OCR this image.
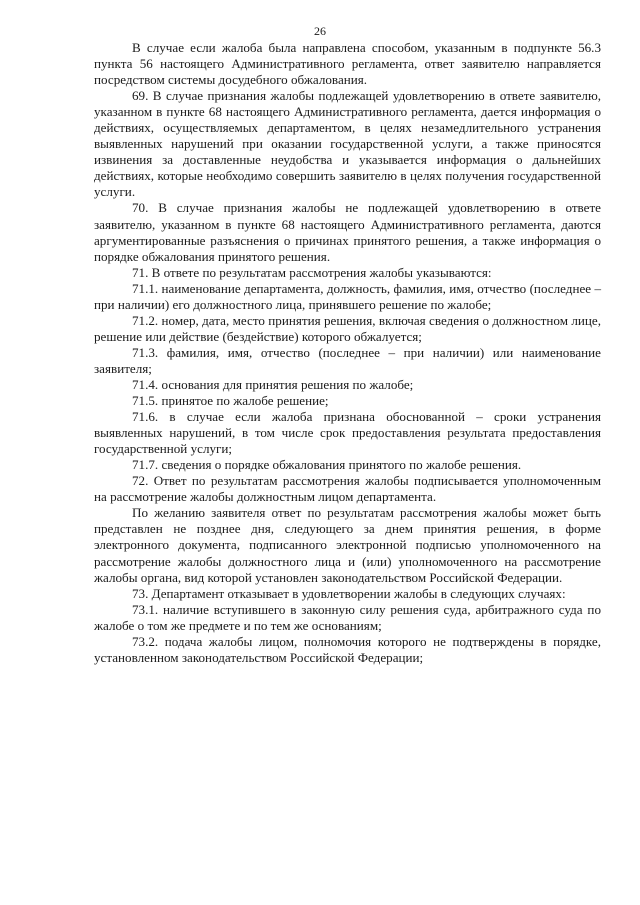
26

В случае если жалоба была направлена способом, указанным в подпункте 56.3 пункта 56 настоящего Административного регламента, ответ заявителю направляется посредством системы досудебного обжалования.

69. В случае признания жалобы подлежащей удовлетворению в ответе заявителю, указанном в пункте 68 настоящего Административного регламента, дается информация о действиях, осуществляемых департаментом, в целях незамедлительного устранения выявленных нарушений при оказании государственной услуги, а также приносятся извинения за доставленные неудобства и указывается информация о дальнейших действиях, которые необходимо совершить заявителю в целях получения государственной услуги.

70. В случае признания жалобы не подлежащей удовлетворению в ответе заявителю, указанном в пункте 68 настоящего Административного регламента, даются аргументированные разъяснения о причинах принятого решения, а также информация о порядке обжалования принятого решения.

71. В ответе по результатам рассмотрения жалобы указываются:

71.1. наименование департамента, должность, фамилия, имя, отчество (последнее – при наличии) его должностного лица, принявшего решение по жалобе;

71.2. номер, дата, место принятия решения, включая сведения о должностном лице, решение или действие (бездействие) которого обжалуется;

71.3. фамилия, имя, отчество (последнее – при наличии) или наименование заявителя;

71.4. основания для принятия решения по жалобе;

71.5. принятое по жалобе решение;

71.6. в случае если жалоба признана обоснованной – сроки устранения выявленных нарушений, в том числе срок предоставления результата предоставления государственной услуги;

71.7. сведения о порядке обжалования принятого по жалобе решения.

72. Ответ по результатам рассмотрения жалобы подписывается уполномоченным на рассмотрение жалобы должностным лицом департамента.

По желанию заявителя ответ по результатам рассмотрения жалобы может быть представлен не позднее дня, следующего за днем принятия решения, в форме электронного документа, подписанного электронной подписью уполномоченного на рассмотрение жалобы должностного лица и (или) уполномоченного на рассмотрение жалобы органа, вид которой установлен законодательством Российской Федерации.

73. Департамент отказывает в удовлетворении жалобы в следующих случаях:

73.1. наличие вступившего в законную силу решения суда, арбитражного суда по жалобе о том же предмете и по тем же основаниям;

73.2. подача жалобы лицом, полномочия которого не подтверждены в порядке, установленном законодательством Российской Федерации;
